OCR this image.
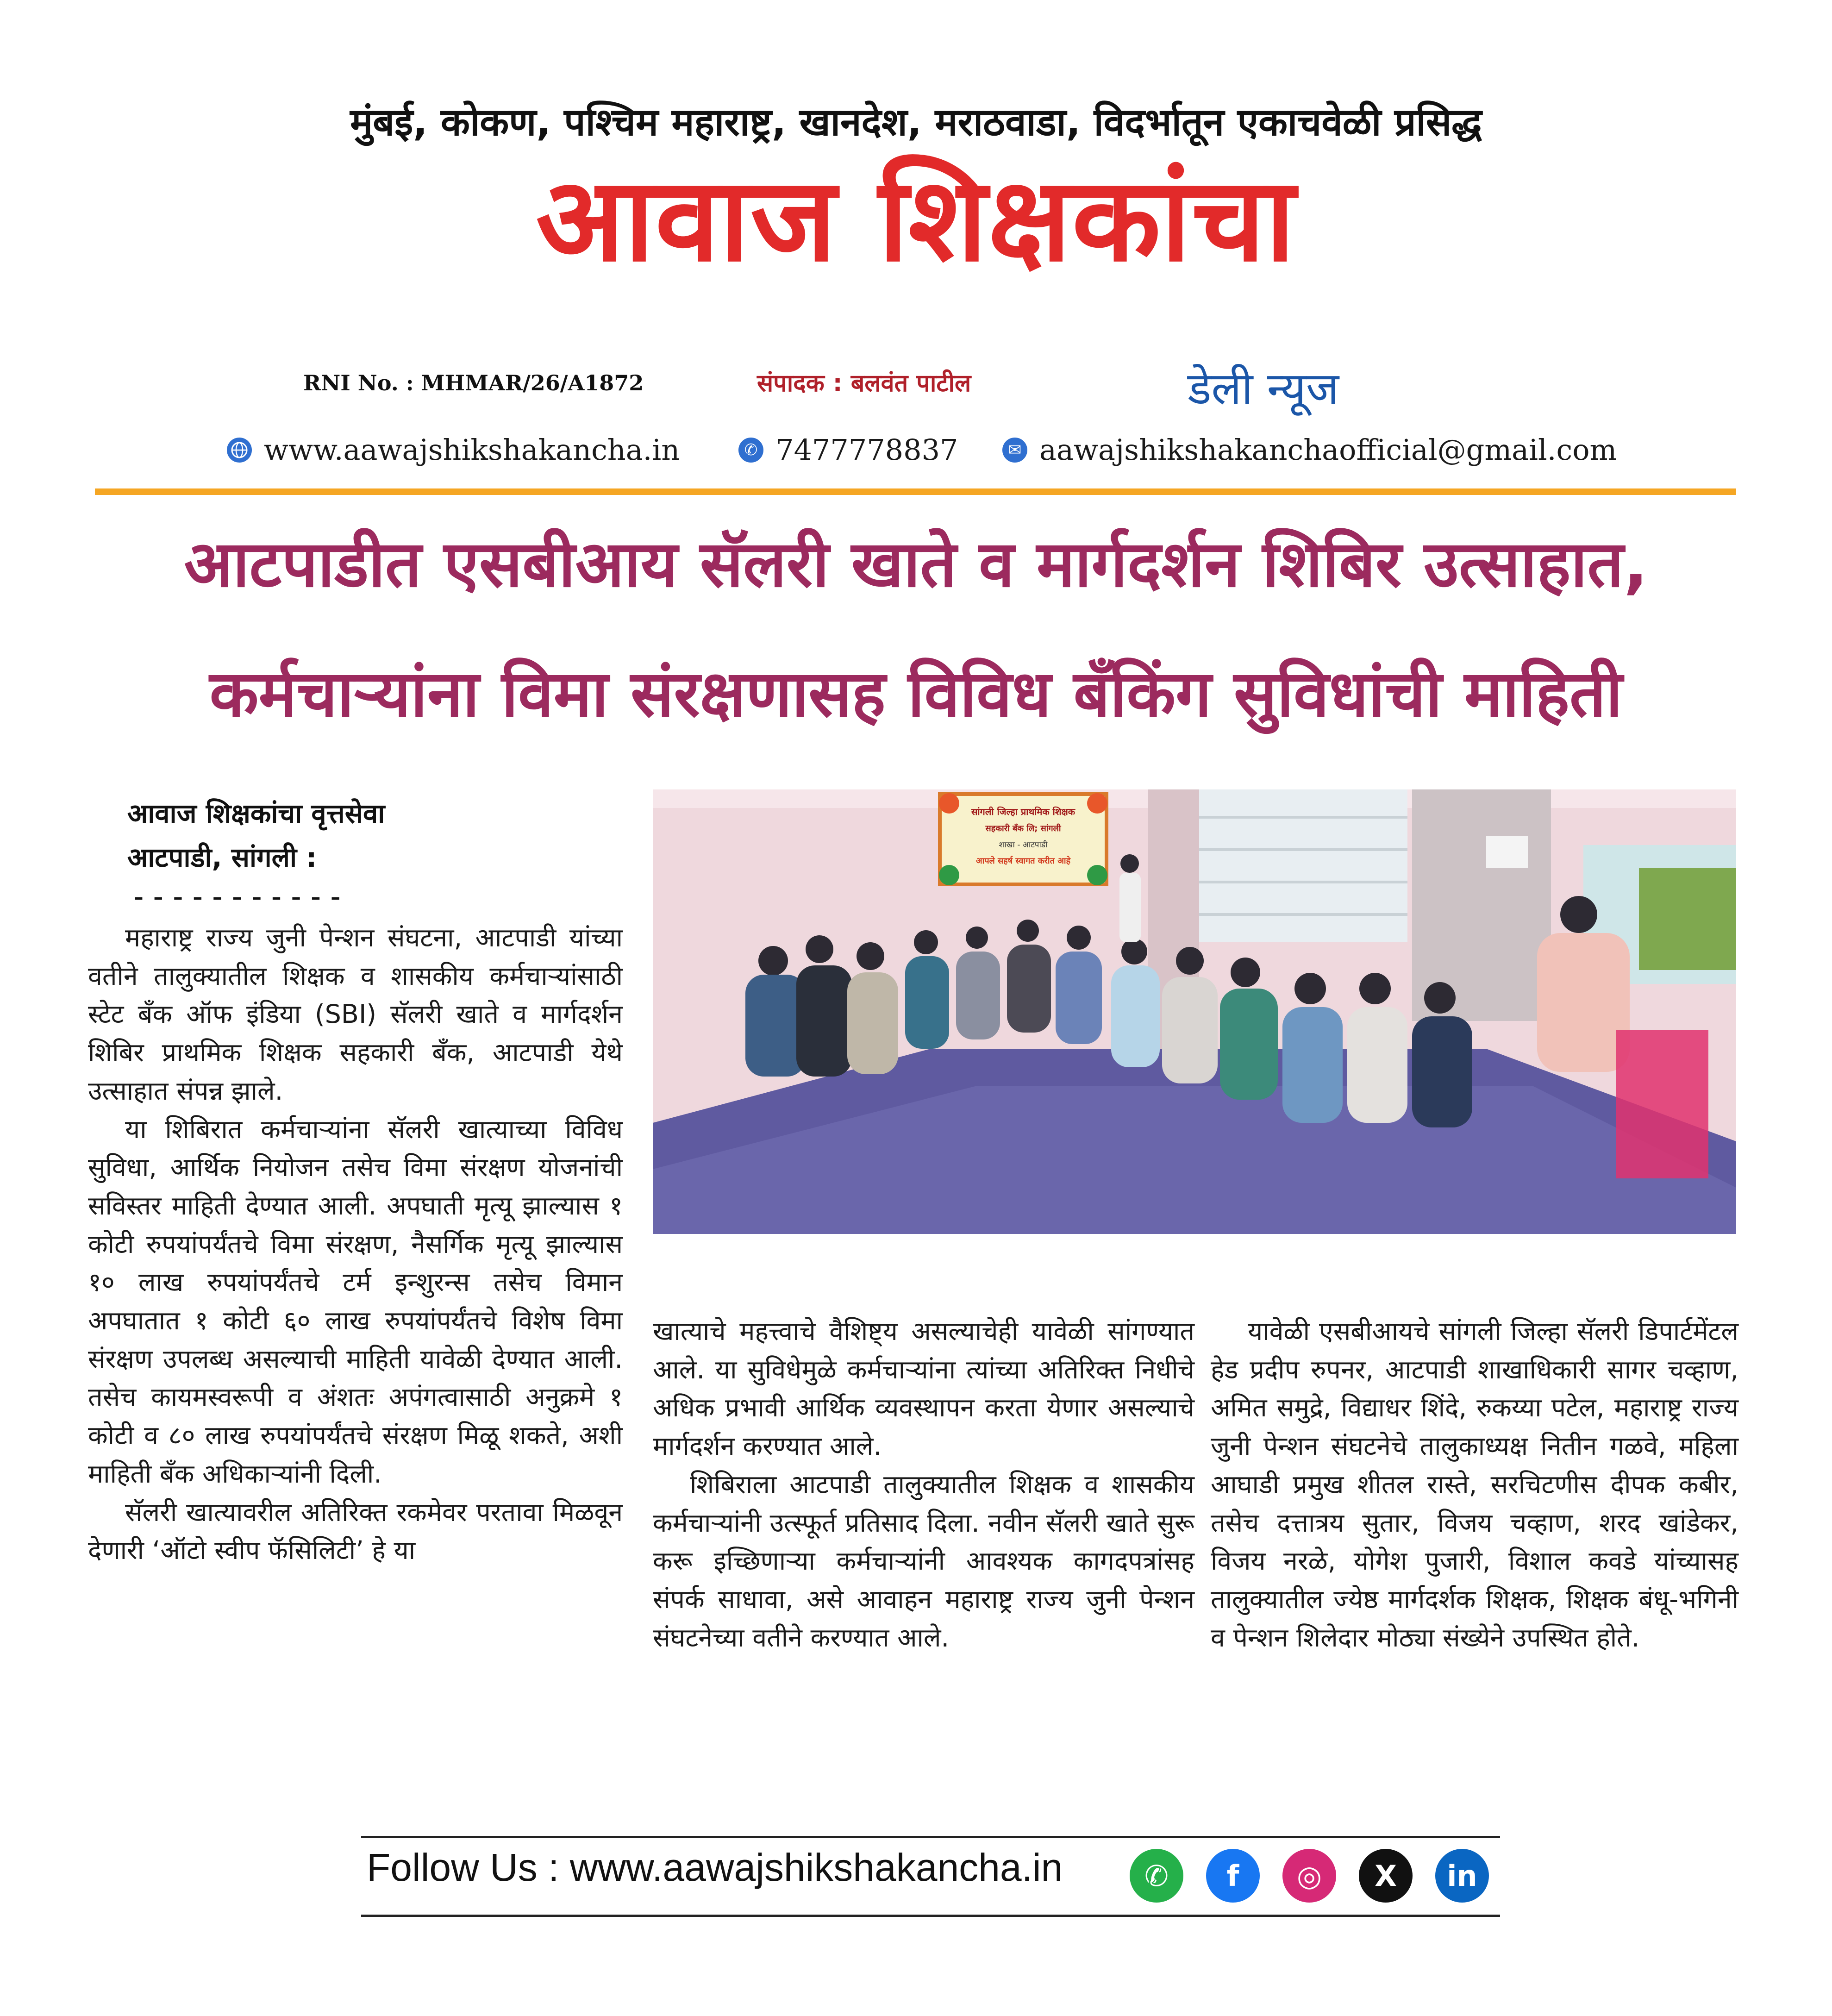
मुंबई, कोकण, पश्चिम महाराष्ट्र, खानदेश, मराठवाडा, विदर्भातून एकाचवेळी प्रसिद्ध
आवाज शिक्षकांचा
RNI No. : MHMAR/26/A1872	संपादक : बलवंत पाटील	डेली न्यूज
www.aawajshikshakancha.in	✆ 7477778837	✉ aawajshikshakanchaofficial@gmail.com
आटपाडीत एसबीआय सॅलरी खाते व मार्गदर्शन शिबिर उत्साहात,
कर्मचाऱ्यांना विमा संरक्षणासह विविध बँकिंग सुविधांची माहिती
आवाज शिक्षकांचा वृत्तसेवा
आटपाडी, सांगली :
-----------

महाराष्ट्र राज्य जुनी पेन्शन संघटना, आटपाडी यांच्या वतीने तालुक्यातील शिक्षक व शासकीय कर्मचाऱ्यांसाठी स्टेट बँक ऑफ इंडिया (SBI) सॅलरी खाते व मार्गदर्शन शिबिर प्राथमिक शिक्षक सहकारी बँक, आटपाडी येथे उत्साहात संपन्न झाले.

या शिबिरात कर्मचाऱ्यांना सॅलरी खात्याच्या विविध सुविधा, आर्थिक नियोजन तसेच विमा संरक्षण योजनांची सविस्तर माहिती देण्यात आली. अपघाती मृत्यू झाल्यास १ कोटी रुपयांपर्यंतचे विमा संरक्षण, नैसर्गिक मृत्यू झाल्यास १० लाख रुपयांपर्यंतचे टर्म इन्शुरन्स तसेच विमान अपघातात १ कोटी ६० लाख रुपयांपर्यंतचे विशेष विमा संरक्षण उपलब्ध असल्याची माहिती यावेळी देण्यात आली. तसेच कायमस्वरूपी व अंशतः अपंगत्वासाठी अनुक्रमे १ कोटी व ८० लाख रुपयांपर्यंतचे संरक्षण मिळू शकते, अशी माहिती बँक अधिकाऱ्यांनी दिली.

सॅलरी खात्यावरील अतिरिक्त रकमेवर परतावा मिळवून देणारी ‘ऑटो स्वीप फॅसिलिटी’ हे या

सांगली जिल्हा प्राथमिक शिक्षक
सहकारी बँक लि; सांगली
शाखा - आटपाडी
आपले सहर्ष स्वागत करीत आहे

खात्याचे महत्त्वाचे वैशिष्ट्य असल्याचेही यावेळी सांगण्यात आले. या सुविधेमुळे कर्मचाऱ्यांना त्यांच्या अतिरिक्त निधीचे अधिक प्रभावी आर्थिक व्यवस्थापन करता येणार असल्याचे मार्गदर्शन करण्यात आले.

शिबिराला आटपाडी तालुक्यातील शिक्षक व शासकीय कर्मचाऱ्यांनी उत्स्फूर्त प्रतिसाद दिला. नवीन सॅलरी खाते सुरू करू इच्छिणाऱ्या कर्मचाऱ्यांनी आवश्यक कागदपत्रांसह संपर्क साधावा, असे आवाहन महाराष्ट्र राज्य जुनी पेन्शन संघटनेच्या वतीने करण्यात आले.

यावेळी एसबीआयचे सांगली जिल्हा सॅलरी डिपार्टमेंटल हेड प्रदीप रुपनर, आटपाडी शाखाधिकारी सागर चव्हाण, अमित समुद्रे, विद्याधर शिंदे, रुकय्या पटेल, महाराष्ट्र राज्य जुनी पेन्शन संघटनेचे तालुकाध्यक्ष नितीन गळवे, महिला आघाडी प्रमुख शीतल रास्ते, सरचिटणीस दीपक कबीर, तसेच दत्तात्रय सुतार, विजय चव्हाण, शरद खांडेकर, विजय नरळे, योगेश पुजारी, विशाल कवडे यांच्यासह तालुक्यातील ज्येष्ठ मार्गदर्शक शिक्षक, शिक्षक बंधू-भगिनी व पेन्शन शिलेदार मोठ्या संख्येने उपस्थित होते.

Follow Us : www.aawajshikshakancha.in	✆	f	◎	X	in
